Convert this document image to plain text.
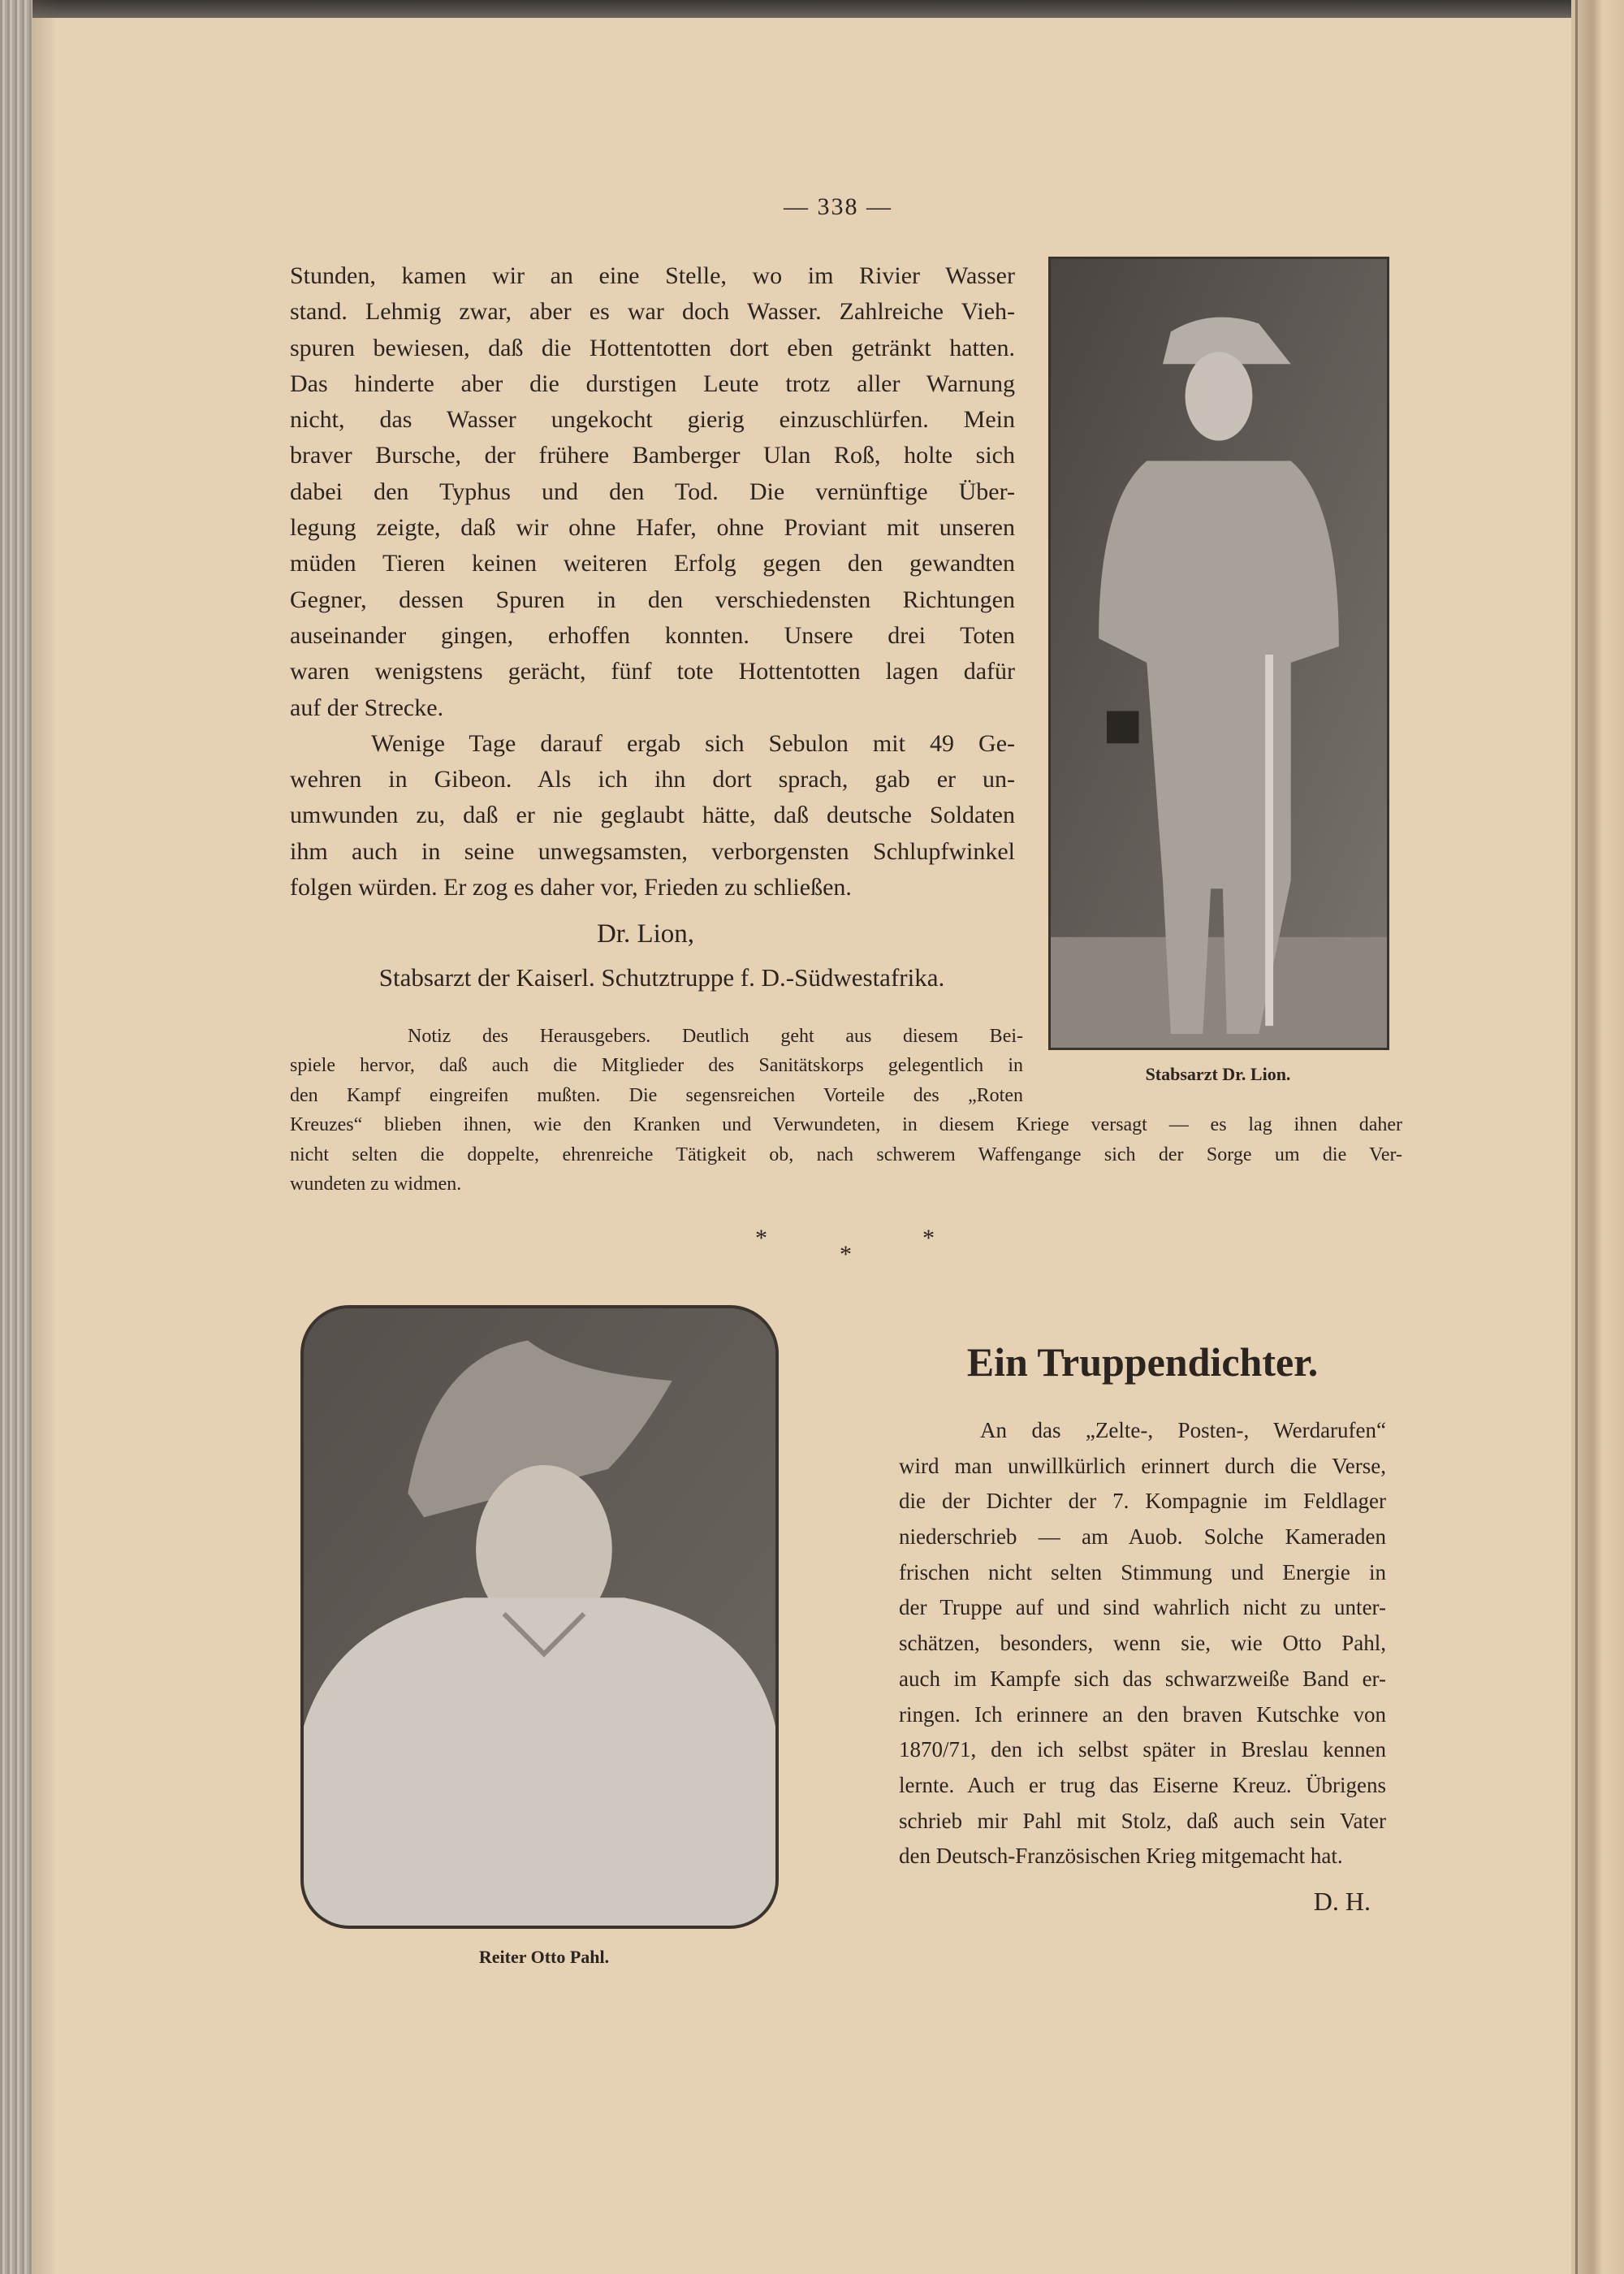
— 338 —
Stunden, kamen wir an eine Stelle, wo im Rivier Wasser
stand. Lehmig zwar, aber es war doch Wasser. Zahlreiche Vieh-
spuren bewiesen, daß die Hottentotten dort eben getränkt hatten.
Das hinderte aber die durstigen Leute trotz aller Warnung
nicht, das Wasser ungekocht gierig einzuschlürfen. Mein
braver Bursche, der frühere Bamberger Ulan Roß, holte sich
dabei den Typhus und den Tod. Die vernünftige Über-
legung zeigte, daß wir ohne Hafer, ohne Proviant mit unseren
müden Tieren keinen weiteren Erfolg gegen den gewandten
Gegner, dessen Spuren in den verschiedensten Richtungen
auseinander gingen, erhoffen konnten. Unsere drei Toten
waren wenigstens gerächt, fünf tote Hottentotten lagen dafür
auf der Strecke.
Wenige Tage darauf ergab sich Sebulon mit 49 Ge-
wehren in Gibeon. Als ich ihn dort sprach, gab er un-
umwunden zu, daß er nie geglaubt hätte, daß deutsche Soldaten
ihm auch in seine unwegsamsten, verborgensten Schlupfwinkel
folgen würden. Er zog es daher vor, Frieden zu schließen.
Dr. Lion,
Stabsarzt der Kaiserl. Schutztruppe f. D.-Südwestafrika.
Notiz des Herausgebers. Deutlich geht aus diesem Bei-
spiele hervor, daß auch die Mitglieder des Sanitätskorps gelegentlich in
den Kampf eingreifen mußten. Die segensreichen Vorteile des „Roten
Kreuzes“ blieben ihnen, wie den Kranken und Verwundeten, in diesem Kriege versagt — es lag ihnen daher
nicht selten die doppelte, ehrenreiche Tätigkeit ob, nach schwerem Waffengange sich der Sorge um die Ver-
wundeten zu widmen.
Stabsarzt Dr. Lion.
*
*
*
Reiter Otto Pahl.
Ein Truppendichter.
An das „Zelte-, Posten-, Werdarufen“
wird man unwillkürlich erinnert durch die Verse,
die der Dichter der 7. Kompagnie im Feldlager
niederschrieb — am Auob. Solche Kameraden
frischen nicht selten Stimmung und Energie in
der Truppe auf und sind wahrlich nicht zu unter-
schätzen, besonders, wenn sie, wie Otto Pahl,
auch im Kampfe sich das schwarzweiße Band er-
ringen. Ich erinnere an den braven Kutschke von
1870/71, den ich selbst später in Breslau kennen
lernte. Auch er trug das Eiserne Kreuz. Übrigens
schrieb mir Pahl mit Stolz, daß auch sein Vater
den Deutsch-Französischen Krieg mitgemacht hat.
D. H.
